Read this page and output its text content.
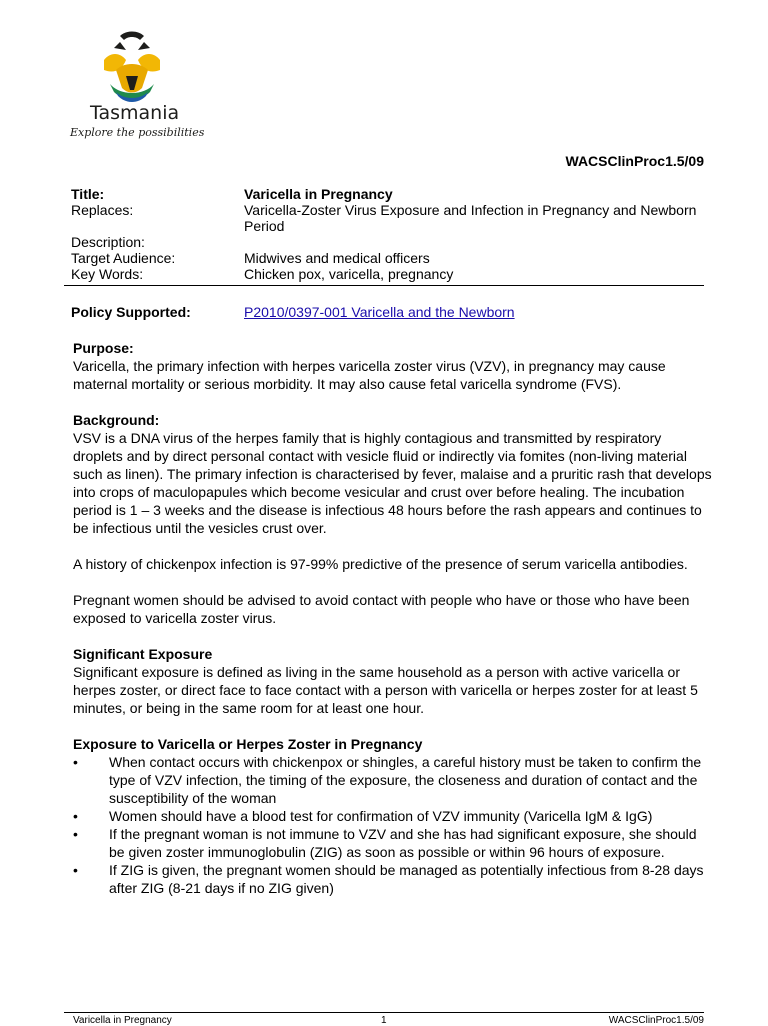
Tasmania
Explore the possibilities
WACSClinProc1.5/09
Title:	Varicella in Pregnancy
Replaces:	Varicella-Zoster Virus Exposure and Infection in Pregnancy and Newborn Period
Description:
Target Audience:	Midwives and medical officers
Key Words:	Chicken pox, varicella, pregnancy
Policy Supported:	P2010/0397-001 Varicella and the Newborn
Purpose:

Varicella, the primary infection with herpes varicella zoster virus (VZV), in pregnancy may cause maternal mortality or serious morbidity. It may also cause fetal varicella syndrome (FVS).

Background:

VSV is a DNA virus of the herpes family that is highly contagious and transmitted by respiratory droplets and by direct personal contact with vesicle fluid or indirectly via fomites (non-living material such as linen). The primary infection is characterised by fever, malaise and a pruritic rash that develops into crops of maculopapules which become vesicular and crust over before healing. The incubation period is 1 – 3 weeks and the disease is infectious 48 hours before the rash appears and continues to be infectious until the vesicles crust over.

A history of chickenpox infection is 97-99% predictive of the presence of serum varicella antibodies.

Pregnant women should be advised to avoid contact with people who have or those who have been exposed to varicella zoster virus.

Significant Exposure

Significant exposure is defined as living in the same household as a person with active varicella or herpes zoster, or direct face to face contact with a person with varicella or herpes zoster for at least 5 minutes, or being in the same room for at least one hour.

Exposure to Varicella or Herpes Zoster in Pregnancy
• When contact occurs with chickenpox or shingles, a careful history must be taken to confirm the type of VZV infection, the timing of the exposure, the closeness and duration of contact and the susceptibility of the woman
• Women should have a blood test for confirmation of VZV immunity (Varicella IgM & IgG)
• If the pregnant woman is not immune to VZV and she has had significant exposure, she should be given zoster immunoglobulin (ZIG) as soon as possible or within 96 hours of exposure.
• If ZIG is given, the pregnant women should be managed as potentially infectious from 8-28 days after ZIG (8-21 days if no ZIG given)
Varicella in Pregnancy	1	WACSClinProc1.5/09
